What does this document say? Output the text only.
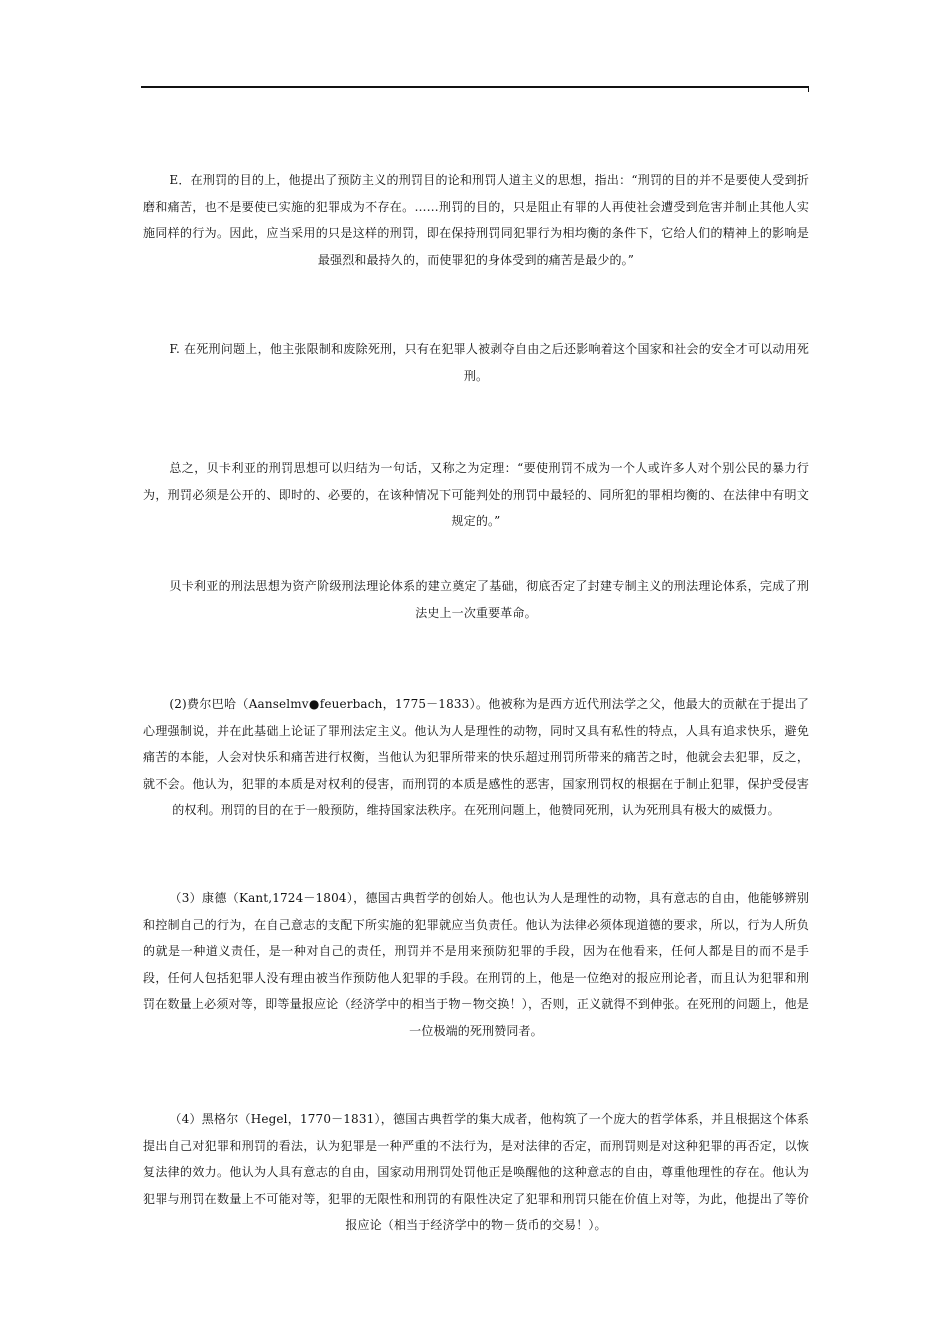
E．在刑罚的目的上，他提出了预防主义的刑罚目的论和刑罚人道主义的思想，指出：“刑罚的目的并不是要使人受到折磨和痛苦，也不是要使已实施的犯罪成为不存在。……刑罚的目的，只是阻止有罪的人再使社会遭受到危害并制止其他人实施同样的行为。因此，应当采用的只是这样的刑罚，即在保持刑罚同犯罪行为相均衡的条件下，它给人们的精神上的影响是最强烈和最持久的，而使罪犯的身体受到的痛苦是最少的。”

F. 在死刑问题上，他主张限制和废除死刑，只有在犯罪人被剥夺自由之后还影响着这个国家和社会的安全才可以动用死刑。

总之，贝卡利亚的刑罚思想可以归结为一句话，又称之为定理：“要使刑罚不成为一个人或许多人对个别公民的暴力行为，刑罚必须是公开的、即时的、必要的，在该种情况下可能判处的刑罚中最轻的、同所犯的罪相均衡的、在法律中有明文规定的。”

贝卡利亚的刑法思想为资产阶级刑法理论体系的建立奠定了基础，彻底否定了封建专制主义的刑法理论体系，完成了刑法史上一次重要革命。

(2)费尔巴哈（Aanselmv●feuerbach，1775－1833）。他被称为是西方近代刑法学之父，他最大的贡献在于提出了心理强制说，并在此基础上论证了罪刑法定主义。他认为人是理性的动物，同时又具有私性的特点，人具有追求快乐，避免痛苦的本能，人会对快乐和痛苦进行权衡，当他认为犯罪所带来的快乐超过刑罚所带来的痛苦之时，他就会去犯罪，反之，就不会。他认为，犯罪的本质是对权利的侵害，而刑罚的本质是感性的恶害，国家刑罚权的根据在于制止犯罪，保护受侵害的权利。刑罚的目的在于一般预防，维持国家法秩序。在死刑问题上，他赞同死刑，认为死刑具有极大的威慑力。

（3）康德（Kant,1724－1804），德国古典哲学的创始人。他也认为人是理性的动物，具有意志的自由，他能够辨别和控制自己的行为，在自己意志的支配下所实施的犯罪就应当负责任。他认为法律必须体现道德的要求，所以，行为人所负的就是一种道义责任，是一种对自己的责任，刑罚并不是用来预防犯罪的手段，因为在他看来，任何人都是目的而不是手段，任何人包括犯罪人没有理由被当作预防他人犯罪的手段。在刑罚的上，他是一位绝对的报应刑论者，而且认为犯罪和刑罚在数量上必须对等，即等量报应论（经济学中的相当于物－物交换！），否则，正义就得不到伸张。在死刑的问题上，他是一位极端的死刑赞同者。

（4）黑格尔（Hegel，1770－1831），德国古典哲学的集大成者，他构筑了一个庞大的哲学体系，并且根据这个体系提出自己对犯罪和刑罚的看法，认为犯罪是一种严重的不法行为，是对法律的否定，而刑罚则是对这种犯罪的再否定，以恢复法律的效力。他认为人具有意志的自由，国家动用刑罚处罚他正是唤醒他的这种意志的自由，尊重他理性的存在。他认为犯罪与刑罚在数量上不可能对等，犯罪的无限性和刑罚的有限性决定了犯罪和刑罚只能在价值上对等，为此，他提出了等价报应论（相当于经济学中的物－货币的交易！）。
